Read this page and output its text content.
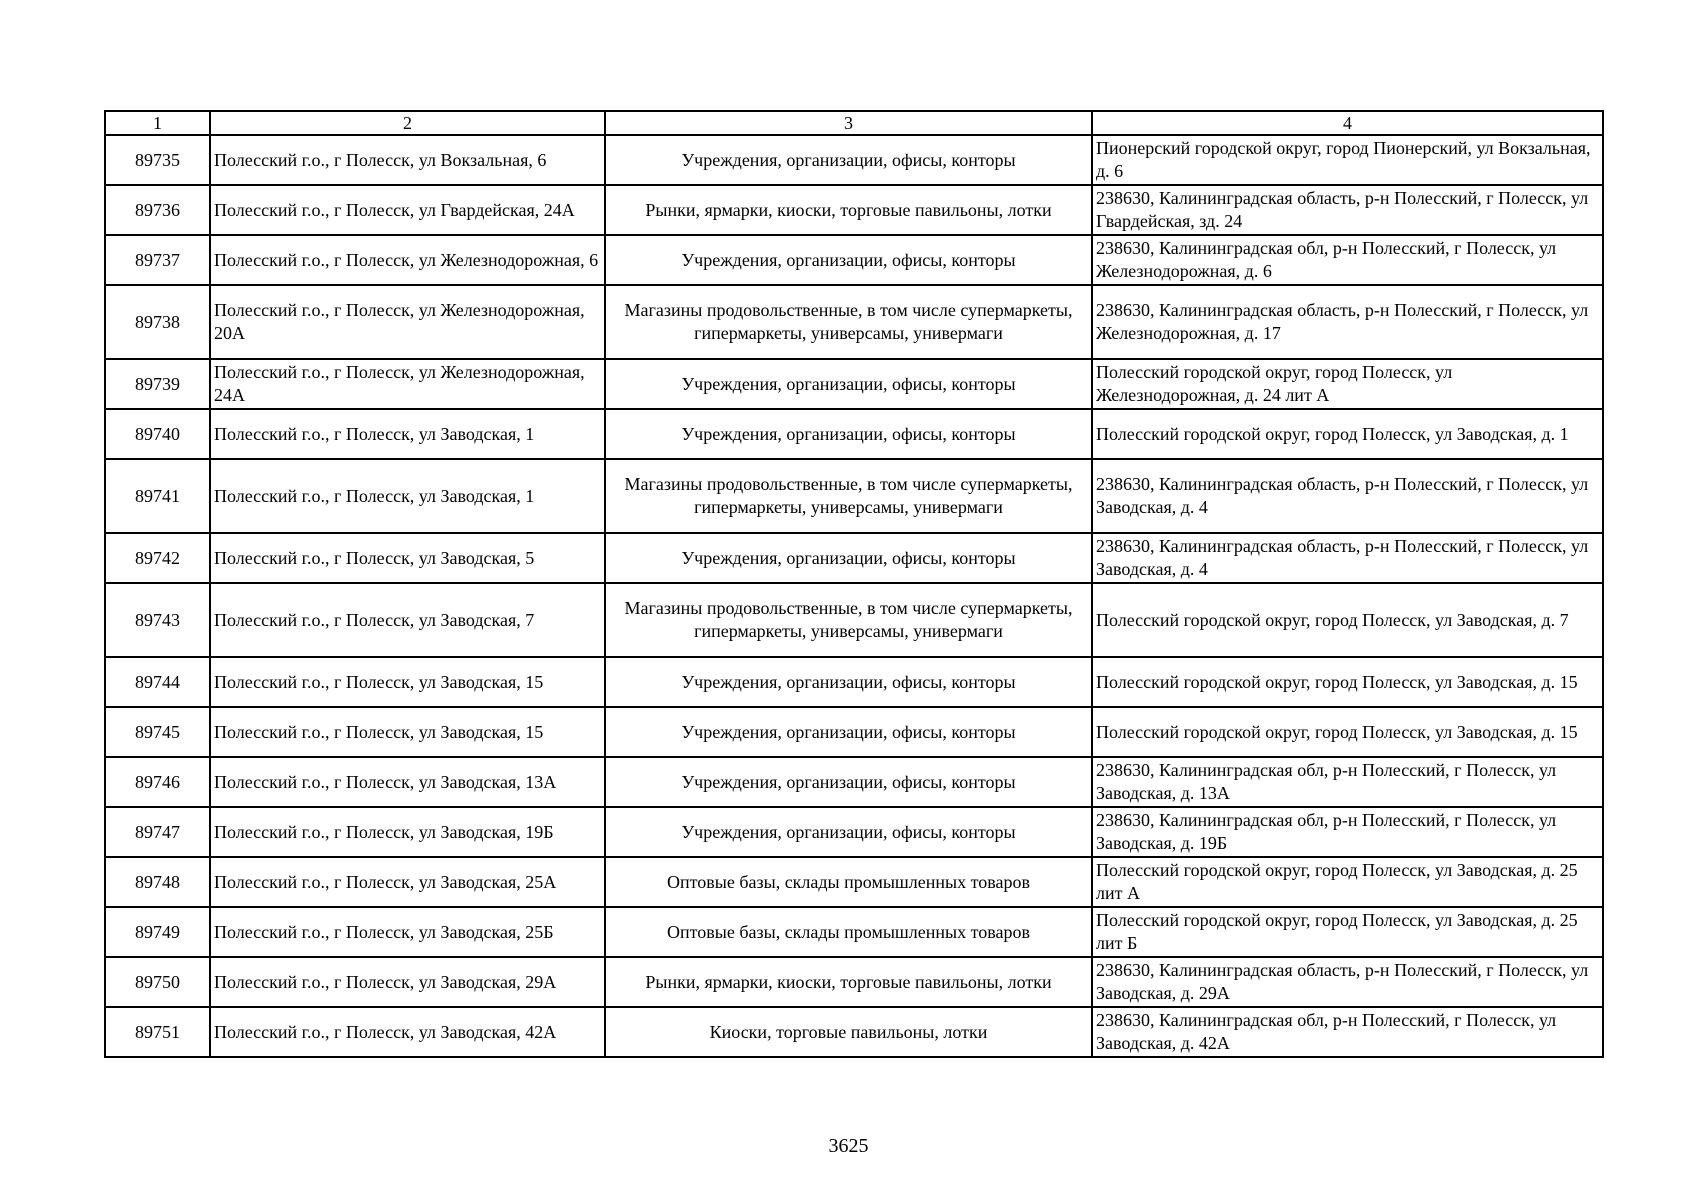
1	2	3	4
89735	Полесский г.о., г Полесск, ул Вокзальная, 6	Учреждения, организации, офисы, конторы	Пионерский городской округ, город Пионерский, ул Вокзальная, д. 6
89736	Полесский г.о., г Полесск, ул Гвардейская, 24А	Рынки, ярмарки, киоски, торговые павильоны, лотки	238630, Калининградская область, р-н Полесский, г Полесск, ул Гвардейская, зд. 24
89737	Полесский г.о., г Полесск, ул Железнодорожная, 6	Учреждения, организации, офисы, конторы	238630, Калининградская обл, р-н Полесский, г Полесск, ул Железнодорожная, д. 6
89738	Полесский г.о., г Полесск, ул Железнодорожная, 20А	Магазины продовольственные, в том числе супермаркеты, гипермаркеты, универсамы, универмаги	238630, Калининградская область, р-н Полесский, г Полесск, ул Железнодорожная, д. 17
89739	Полесский г.о., г Полесск, ул Железнодорожная, 24А	Учреждения, организации, офисы, конторы	Полесский городской округ, город Полесск, ул Железнодорожная, д. 24 лит А
89740	Полесский г.о., г Полесск, ул Заводская, 1	Учреждения, организации, офисы, конторы	Полесский городской округ, город Полесск, ул Заводская, д. 1
89741	Полесский г.о., г Полесск, ул Заводская, 1	Магазины продовольственные, в том числе супермаркеты, гипермаркеты, универсамы, универмаги	238630, Калининградская область, р-н Полесский, г Полесск, ул Заводская, д. 4
89742	Полесский г.о., г Полесск, ул Заводская, 5	Учреждения, организации, офисы, конторы	238630, Калининградская область, р-н Полесский, г Полесск, ул Заводская, д. 4
89743	Полесский г.о., г Полесск, ул Заводская, 7	Магазины продовольственные, в том числе супермаркеты, гипермаркеты, универсамы, универмаги	Полесский городской округ, город Полесск, ул Заводская, д. 7
89744	Полесский г.о., г Полесск, ул Заводская, 15	Учреждения, организации, офисы, конторы	Полесский городской округ, город Полесск, ул Заводская, д. 15
89745	Полесский г.о., г Полесск, ул Заводская, 15	Учреждения, организации, офисы, конторы	Полесский городской округ, город Полесск, ул Заводская, д. 15
89746	Полесский г.о., г Полесск, ул Заводская, 13А	Учреждения, организации, офисы, конторы	238630, Калининградская обл, р-н Полесский, г Полесск, ул Заводская, д. 13А
89747	Полесский г.о., г Полесск, ул Заводская, 19Б	Учреждения, организации, офисы, конторы	238630, Калининградская обл, р-н Полесский, г Полесск, ул Заводская, д. 19Б
89748	Полесский г.о., г Полесск, ул Заводская, 25А	Оптовые базы, склады промышленных товаров	Полесский городской округ, город Полесск, ул Заводская, д. 25 лит А
89749	Полесский г.о., г Полесск, ул Заводская, 25Б	Оптовые базы, склады промышленных товаров	Полесский городской округ, город Полесск, ул Заводская, д. 25 лит Б
89750	Полесский г.о., г Полесск, ул Заводская, 29А	Рынки, ярмарки, киоски, торговые павильоны, лотки	238630, Калининградская область, р-н Полесский, г Полесск, ул Заводская, д. 29А
89751	Полесский г.о., г Полесск, ул Заводская, 42А	Киоски, торговые павильоны, лотки	238630, Калининградская обл, р-н Полесский, г Полесск, ул Заводская, д. 42А
3625
